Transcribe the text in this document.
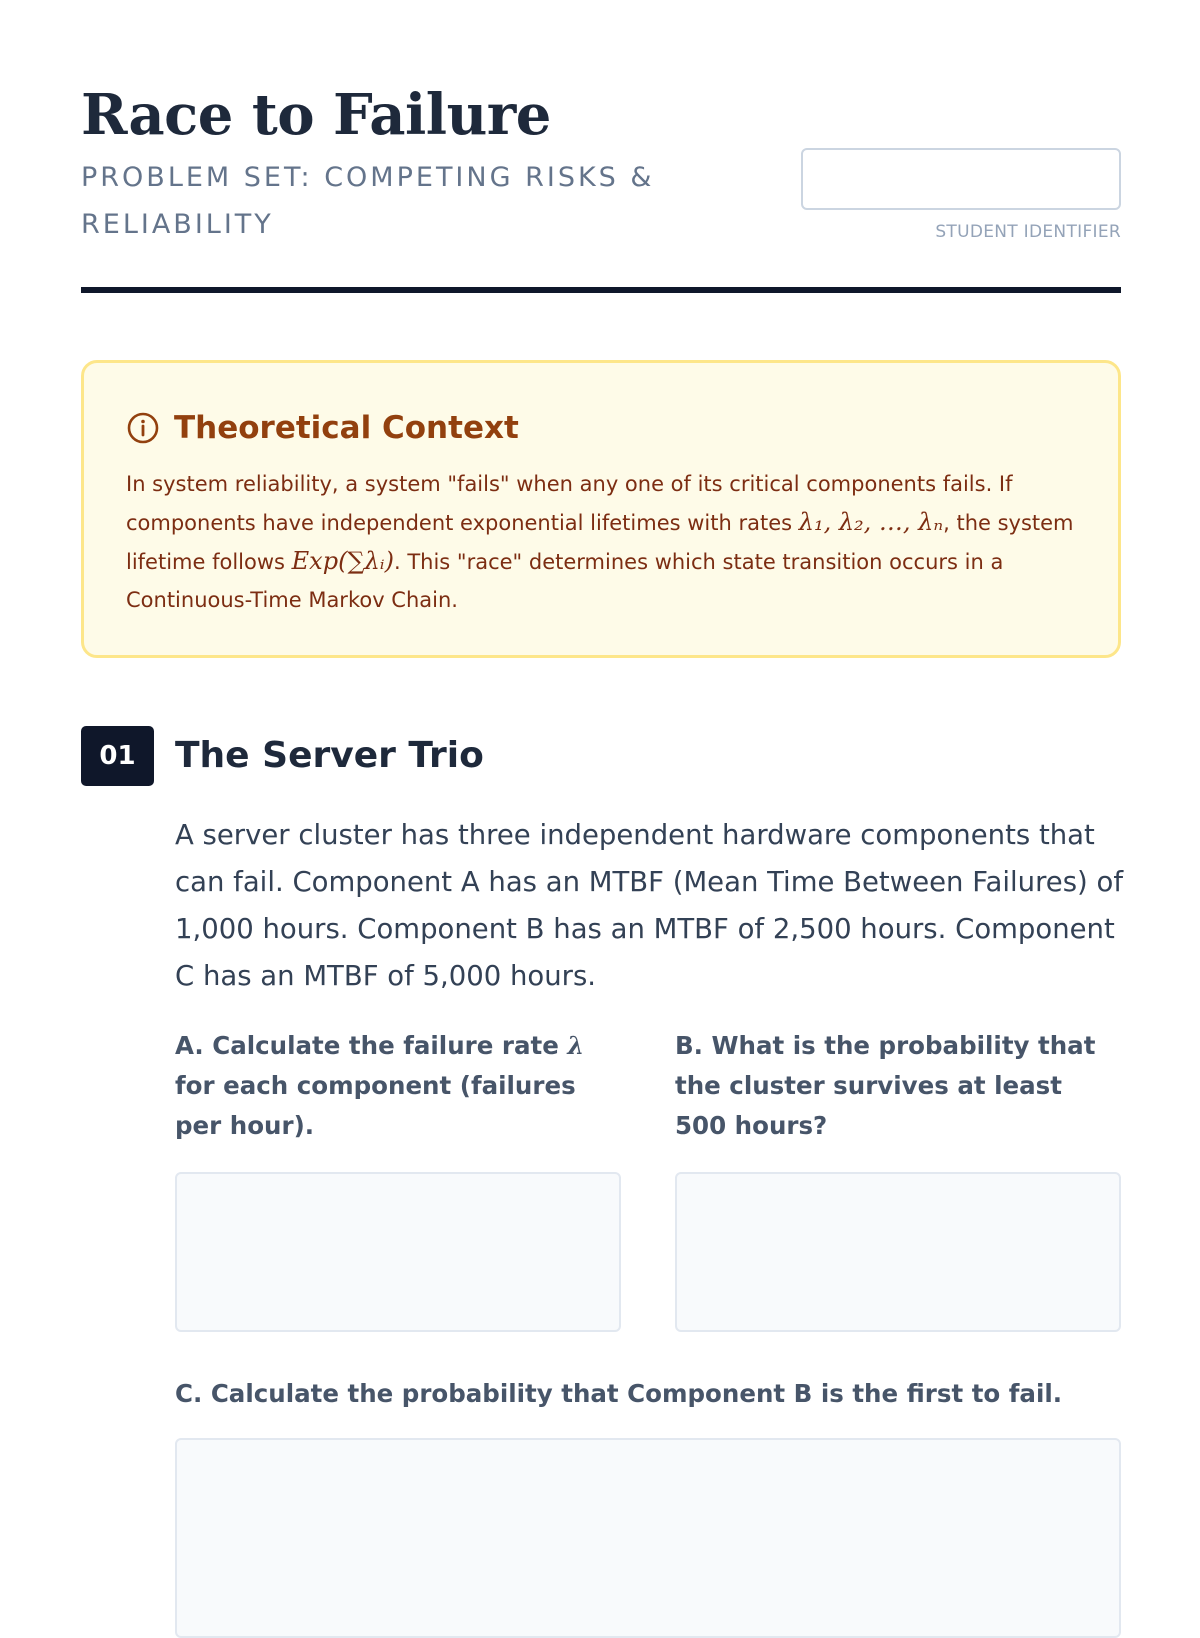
Race to Failure
PROBLEM SET: COMPETING RISKS & RELIABILITY	STUDENT IDENTIFIER
Theoretical Context
In system reliability, a system "fails" when any one of its critical components fails. If components have independent exponential lifetimes with rates λ₁, λ₂, …, λₙ, the system lifetime follows Exp(∑λᵢ). This "race" determines which state transition occurs in a Continuous-Time Markov Chain.
01	The Server Trio

A server cluster has three independent hardware components that can fail. Component A has an MTBF (Mean Time Between Failures) of 1,000 hours. Component B has an MTBF of 2,500 hours. Component C has an MTBF of 5,000 hours.

A. Calculate the failure rate λ for each component (failures per hour).

B. What is the probability that the cluster survives at least 500 hours?

C. Calculate the probability that Component B is the first to fail.
